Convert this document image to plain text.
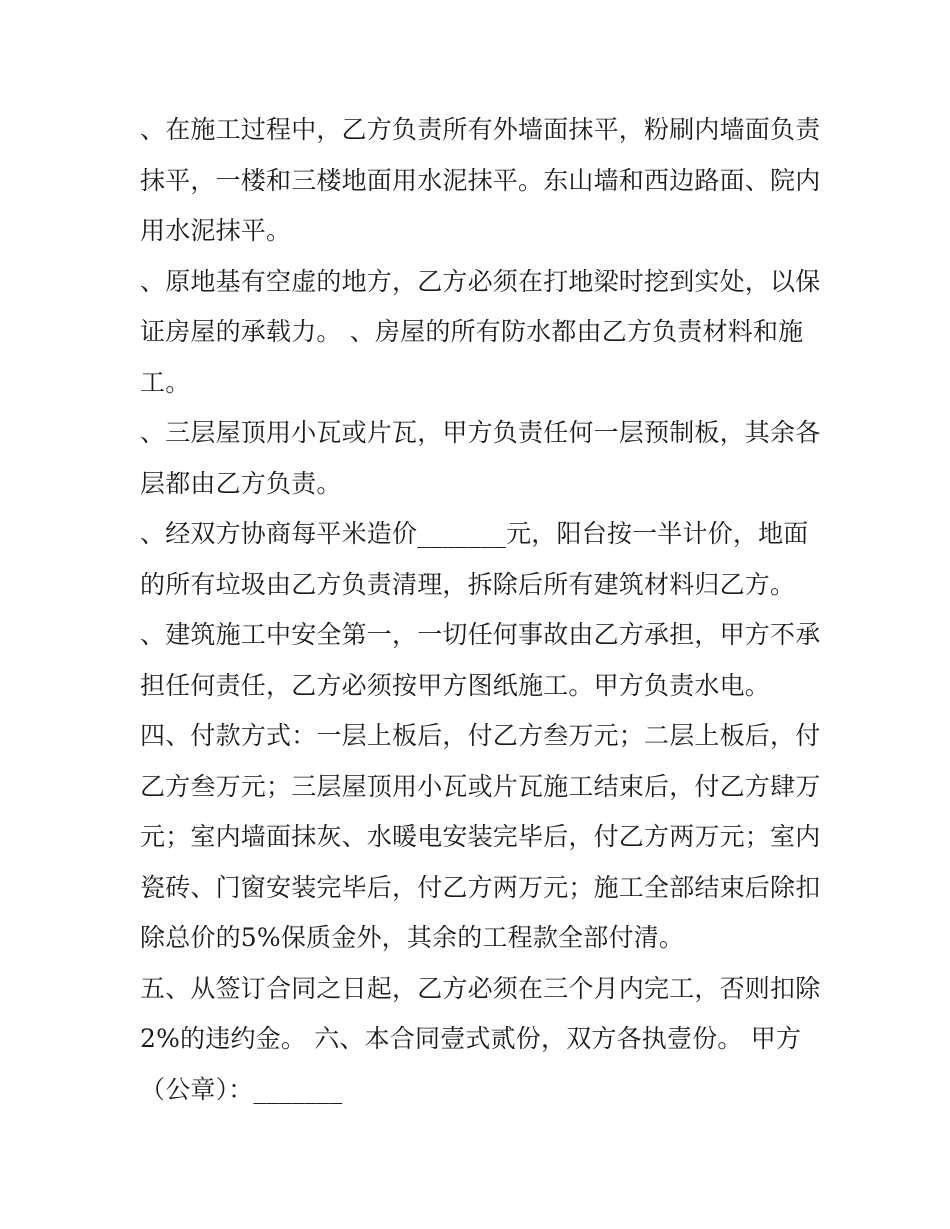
、在施工过程中，乙方负责所有外墙面抹平，粉刷内墙面负责
抹平，一楼和三楼地面用水泥抹平。东山墙和西边路面、院内
用水泥抹平。
、原地基有空虚的地方，乙方必须在打地梁时挖到实处，以保
证房屋的承载力。 、房屋的所有防水都由乙方负责材料和施
工。
、三层屋顶用小瓦或片瓦，甲方负责任何一层预制板，其余各
层都由乙方负责。
、经双方协商每平米造价_______元，阳台按一半计价，地面
的所有垃圾由乙方负责清理，拆除后所有建筑材料归乙方。
、建筑施工中安全第一，一切任何事故由乙方承担，甲方不承
担任何责任，乙方必须按甲方图纸施工。甲方负责水电。
四、付款方式：一层上板后，付乙方叁万元；二层上板后，付
乙方叁万元；三层屋顶用小瓦或片瓦施工结束后，付乙方肆万
元；室内墙面抹灰、水暖电安装完毕后，付乙方两万元；室内
瓷砖、门窗安装完毕后，付乙方两万元；施工全部结束后除扣
除总价的5%保质金外，其余的工程款全部付清。
五、从签订合同之日起，乙方必须在三个月内完工，否则扣除
2%的违约金。 六、本合同壹式贰份，双方各执壹份。 甲方
（公章）：_______
